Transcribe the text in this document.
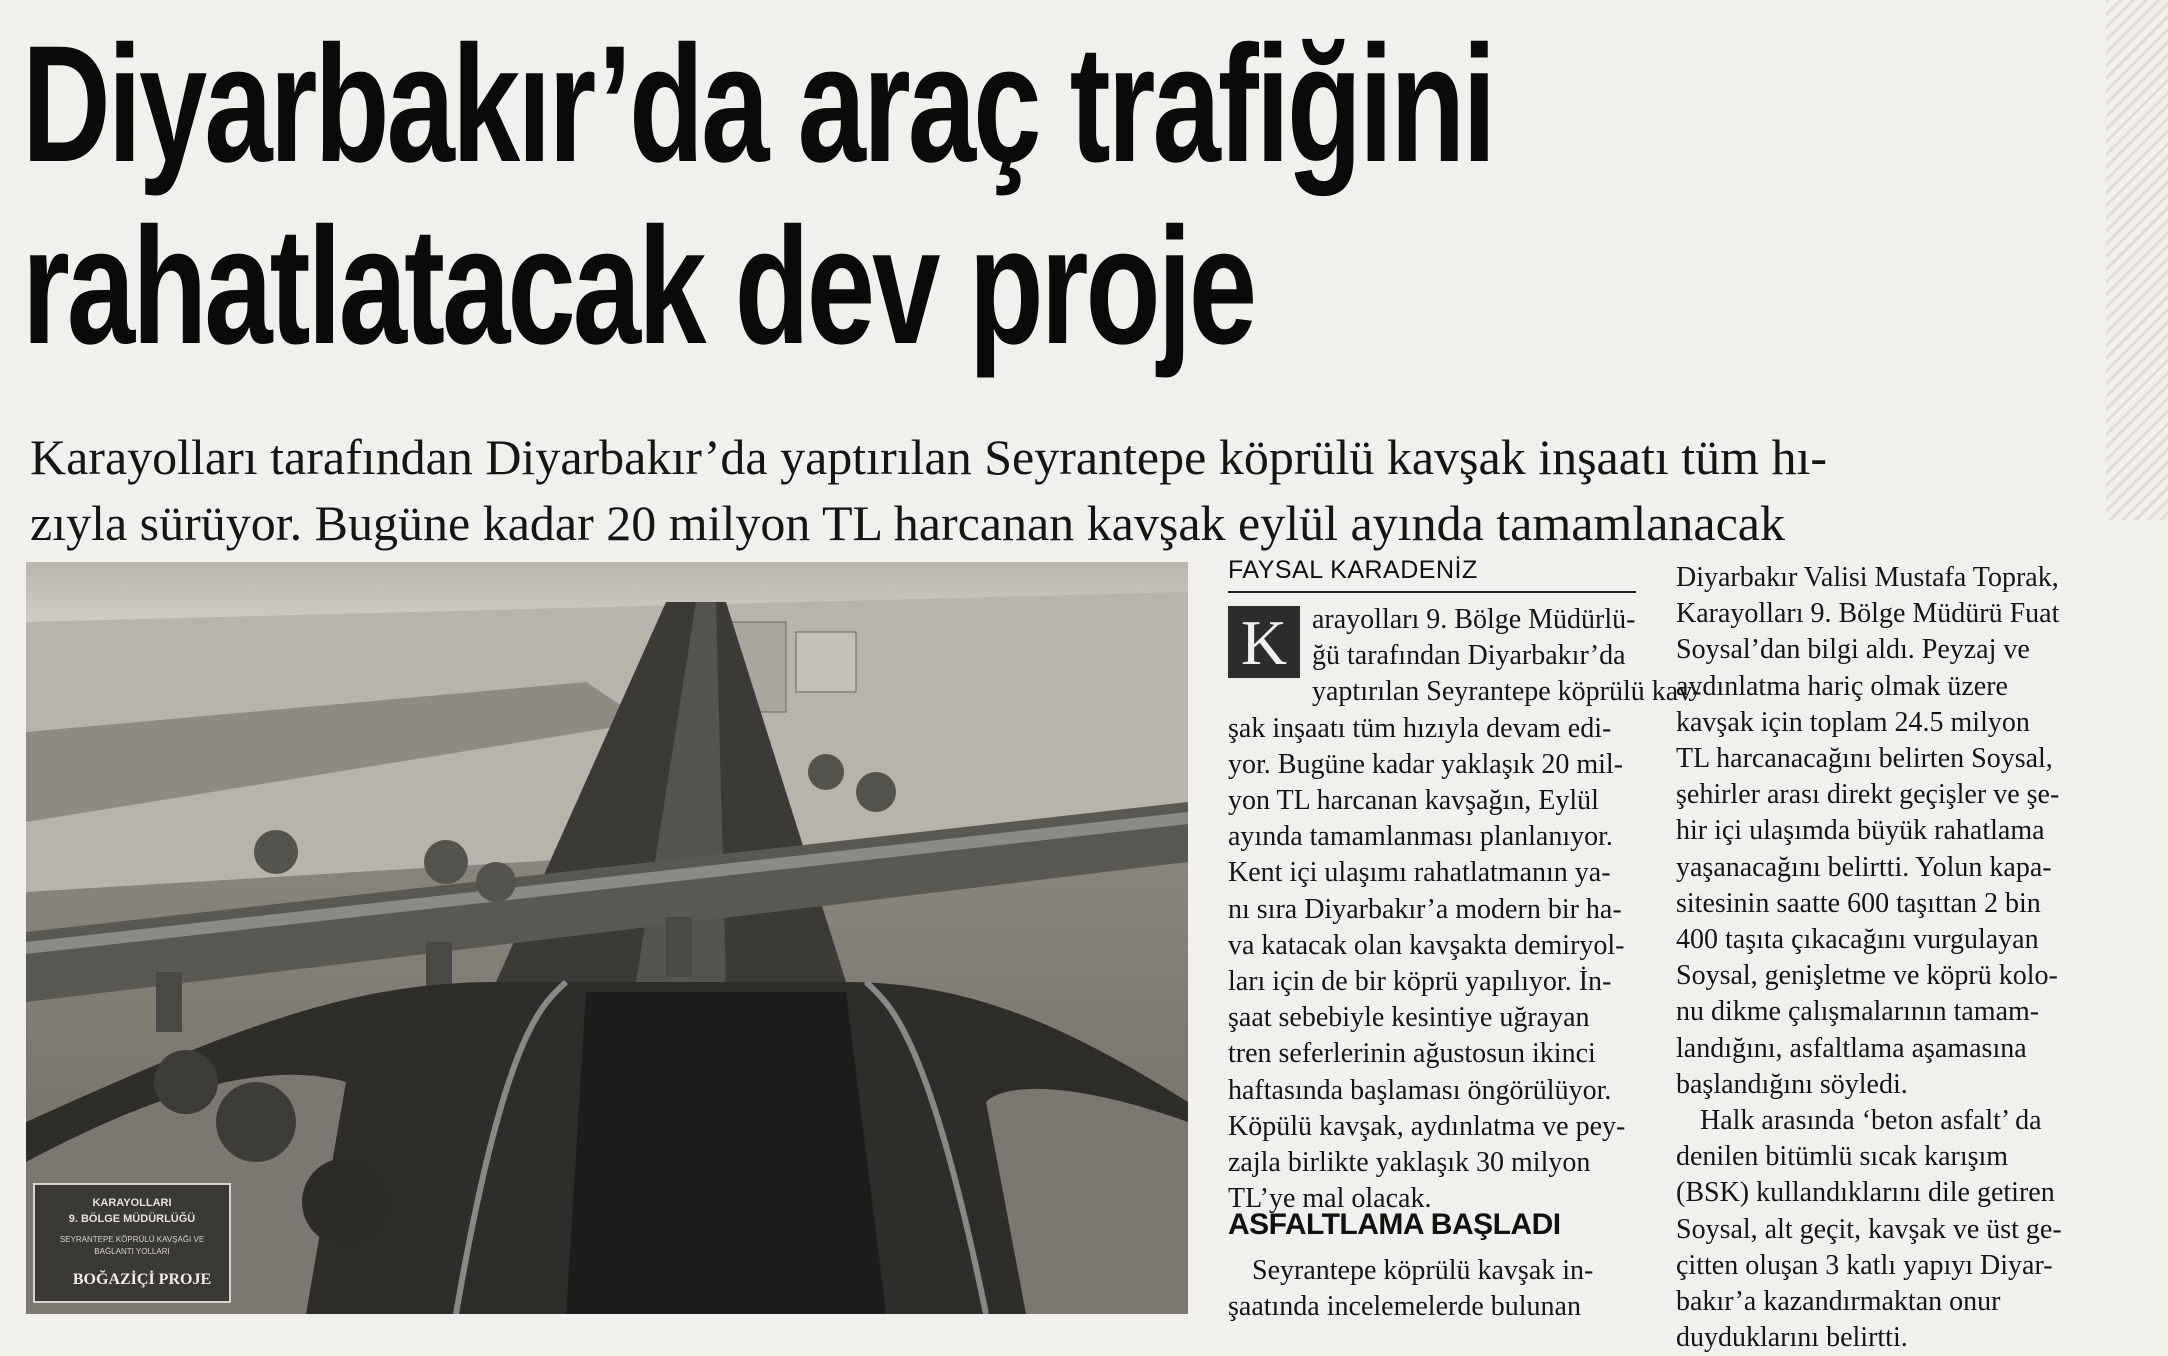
Diyarbakır’da araç trafiğini
rahatlatacak dev proje

Karayolları tarafından Diyarbakır’da yaptırılan Seyrantepe köprülü kavşak inşaatı tüm hı-
zıyla sürüyor. Bugüne kadar 20 milyon TL harcanan kavşak eylül ayında tamamlanacak

KARAYOLLARI
9. BÖLGE MÜDÜRLÜĞÜ
SEYRANTEPE KÖPRÜLÜ KAVŞAĞI VE
BAĞLANTI YOLLARI
BOĞAZİÇİ PROJE
FAYSAL KARADENİZ
K arayolları 9. Bölge Müdürlü-
ğü tarafından Diyarbakır’da
yaptırılan Seyrantepe köprülü kav-
şak inşaatı tüm hızıyla devam edi-
yor. Bugüne kadar yaklaşık 20 mil-
yon TL harcanan kavşağın, Eylül
ayında tamamlanması planlanıyor.
Kent içi ulaşımı rahatlatmanın ya-
nı sıra Diyarbakır’a modern bir ha-
va katacak olan kavşakta demiryol-
ları için de bir köprü yapılıyor. İn-
şaat sebebiyle kesintiye uğrayan
tren seferlerinin ağustosun ikinci
haftasında başlaması öngörülüyor.
Köpülü kavşak, aydınlatma ve pey-
zajla birlikte yaklaşık 30 milyon
TL’ye mal olacak.

ASFALTLAMA BAŞLADI

Seyrantepe köprülü kavşak in-
şaatında incelemelerde bulunan

Diyarbakır Valisi Mustafa Toprak,
Karayolları 9. Bölge Müdürü Fuat
Soysal’dan bilgi aldı. Peyzaj ve
aydınlatma hariç olmak üzere
kavşak için toplam 24.5 milyon
TL harcanacağını belirten Soysal,
şehirler arası direkt geçişler ve şe-
hir içi ulaşımda büyük rahatlama
yaşanacağını belirtti. Yolun kapa-
sitesinin saatte 600 taşıttan 2 bin
400 taşıta çıkacağını vurgulayan
Soysal, genişletme ve köprü kolo-
nu dikme çalışmalarının tamam-
landığını, asfaltlama aşamasına
başlandığını söyledi.
Halk arasında ‘beton asfalt’ da
denilen bitümlü sıcak karışım
(BSK) kullandıklarını dile getiren
Soysal, alt geçit, kavşak ve üst ge-
çitten oluşan 3 katlı yapıyı Diyar-
bakır’a kazandırmaktan onur
duyduklarını belirtti.
